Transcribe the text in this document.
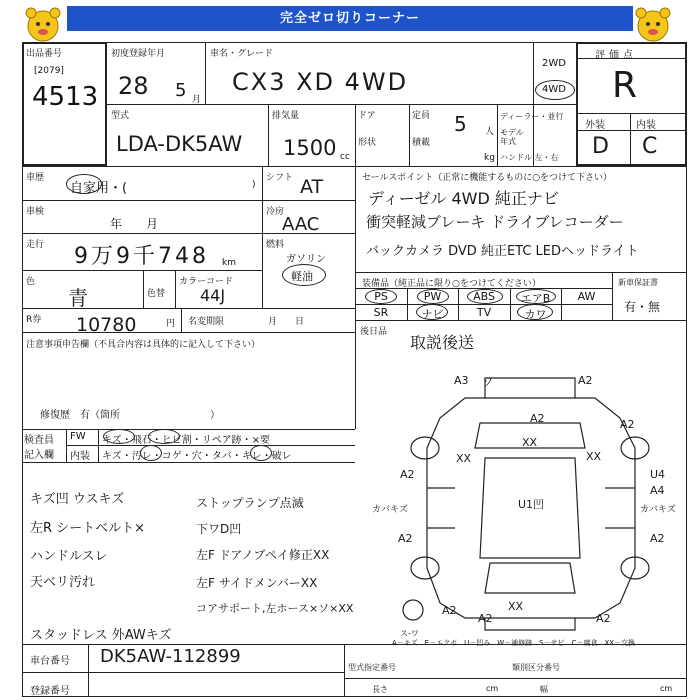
完全ゼロ切りコーナー
出品番号
[2079]
4513
初度登録年月
28 5 月
車名・グレード
CX3 XD 4WD
2WD
4WD
評価点
R
外装	内装
D C
型式
LDA-DK5AW
排気量
1500 cc
ドア
形状
定員 5 人
積載
kg
ディーラー・並行
モデル年式
ハンドル 左・右
車歴
自家用・(	)
シフト AT
車検
年　　月
冷房
AAC
走行 9万9千748 km
燃料
ガソリン
軽油
色
青	色替
カラーコード
44J
R券 10780	円 名変期限	月　　日
注意事項申告欄（不具合内容は具体的に記入して下さい）
修復歴　有（箇所　　　　　　　　　）
セールスポイント（正常に機能するものに○をつけて下さい）
ディーゼル 4WD 純正ナビ
衝突軽減ブレーキ ドライブレコーダー
バックカメラ DVD 純正ETC LEDヘッドライト
装備品（純正品に限り○をつけてください）	新車保証書
有・無
PS	PW	ABS	エアB	AW
SR	ナビ	TV	カワ
後日品
取説後送
検査員
記入欄
FW キズ・飛石・ヒビ割・リペア跡・×要
内装 キズ・汚レ・コゲ・穴・タバ・キレ・破レ
キズ凹 ウスキズ
左R シートベルト×
ハンドルスレ
天ベリ汚れ
ストップランプ点滅
下ワD凹
左F ドアノブペイ修正XX
左F サイドメンバーXX
コアサポート,左ホース×ソ×XX
スタッドレス 外AWキズ
A3 ソ	A2
A2
XX
A2
XX	XX
U4
A4
A2
カバキズ	U1凹	カバキズ
A2	A2
A2
A2
XX
ス-ワ
A2
A－キズ　E－エクボ　U－凹み　W－補修跡　S－サビ　C－腐食　XX－交換
車台番号 DK5AW-112899
登録番号
型式指定番号	類別区分番号
長さ	cm	幅	cm
